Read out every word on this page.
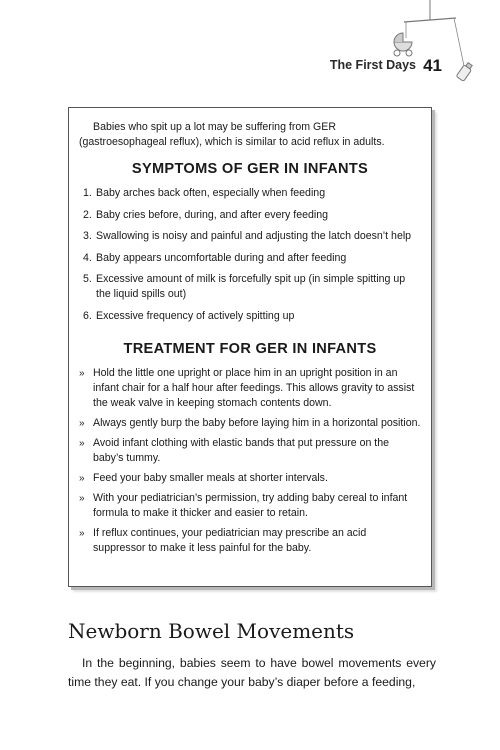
The First Days 41

Babies who spit up a lot may be suffering from GER (gastroesophageal reflux), which is similar to acid reflux in adults.

SYMPTOMS OF GER IN INFANTS
1. Baby arches back often, especially when feeding
2. Baby cries before, during, and after every feeding
3. Swallowing is noisy and painful and adjusting the latch doesn’t help
4. Baby appears uncomfortable during and after feeding
5. Excessive amount of milk is forcefully spit up (in simple spitting up the liquid spills out)
6. Excessive frequency of actively spitting up
TREATMENT FOR GER IN INFANTS
» Hold the little one upright or place him in an upright position in an infant chair for a half hour after feedings. This allows gravity to assist the weak valve in keeping stomach contents down.
» Always gently burp the baby before laying him in a horizontal position.
» Avoid infant clothing with elastic bands that put pressure on the baby’s tummy.
» Feed your baby smaller meals at shorter intervals.
» With your pediatrician’s permission, try adding baby cereal to infant formula to make it thicker and easier to retain.
» If reflux continues, your pediatrician may prescribe an acid suppressor to make it less painful for the baby.
Newborn Bowel Movements

In the beginning, babies seem to have bowel movements every time they eat. If you change your baby’s diaper before a feeding,
